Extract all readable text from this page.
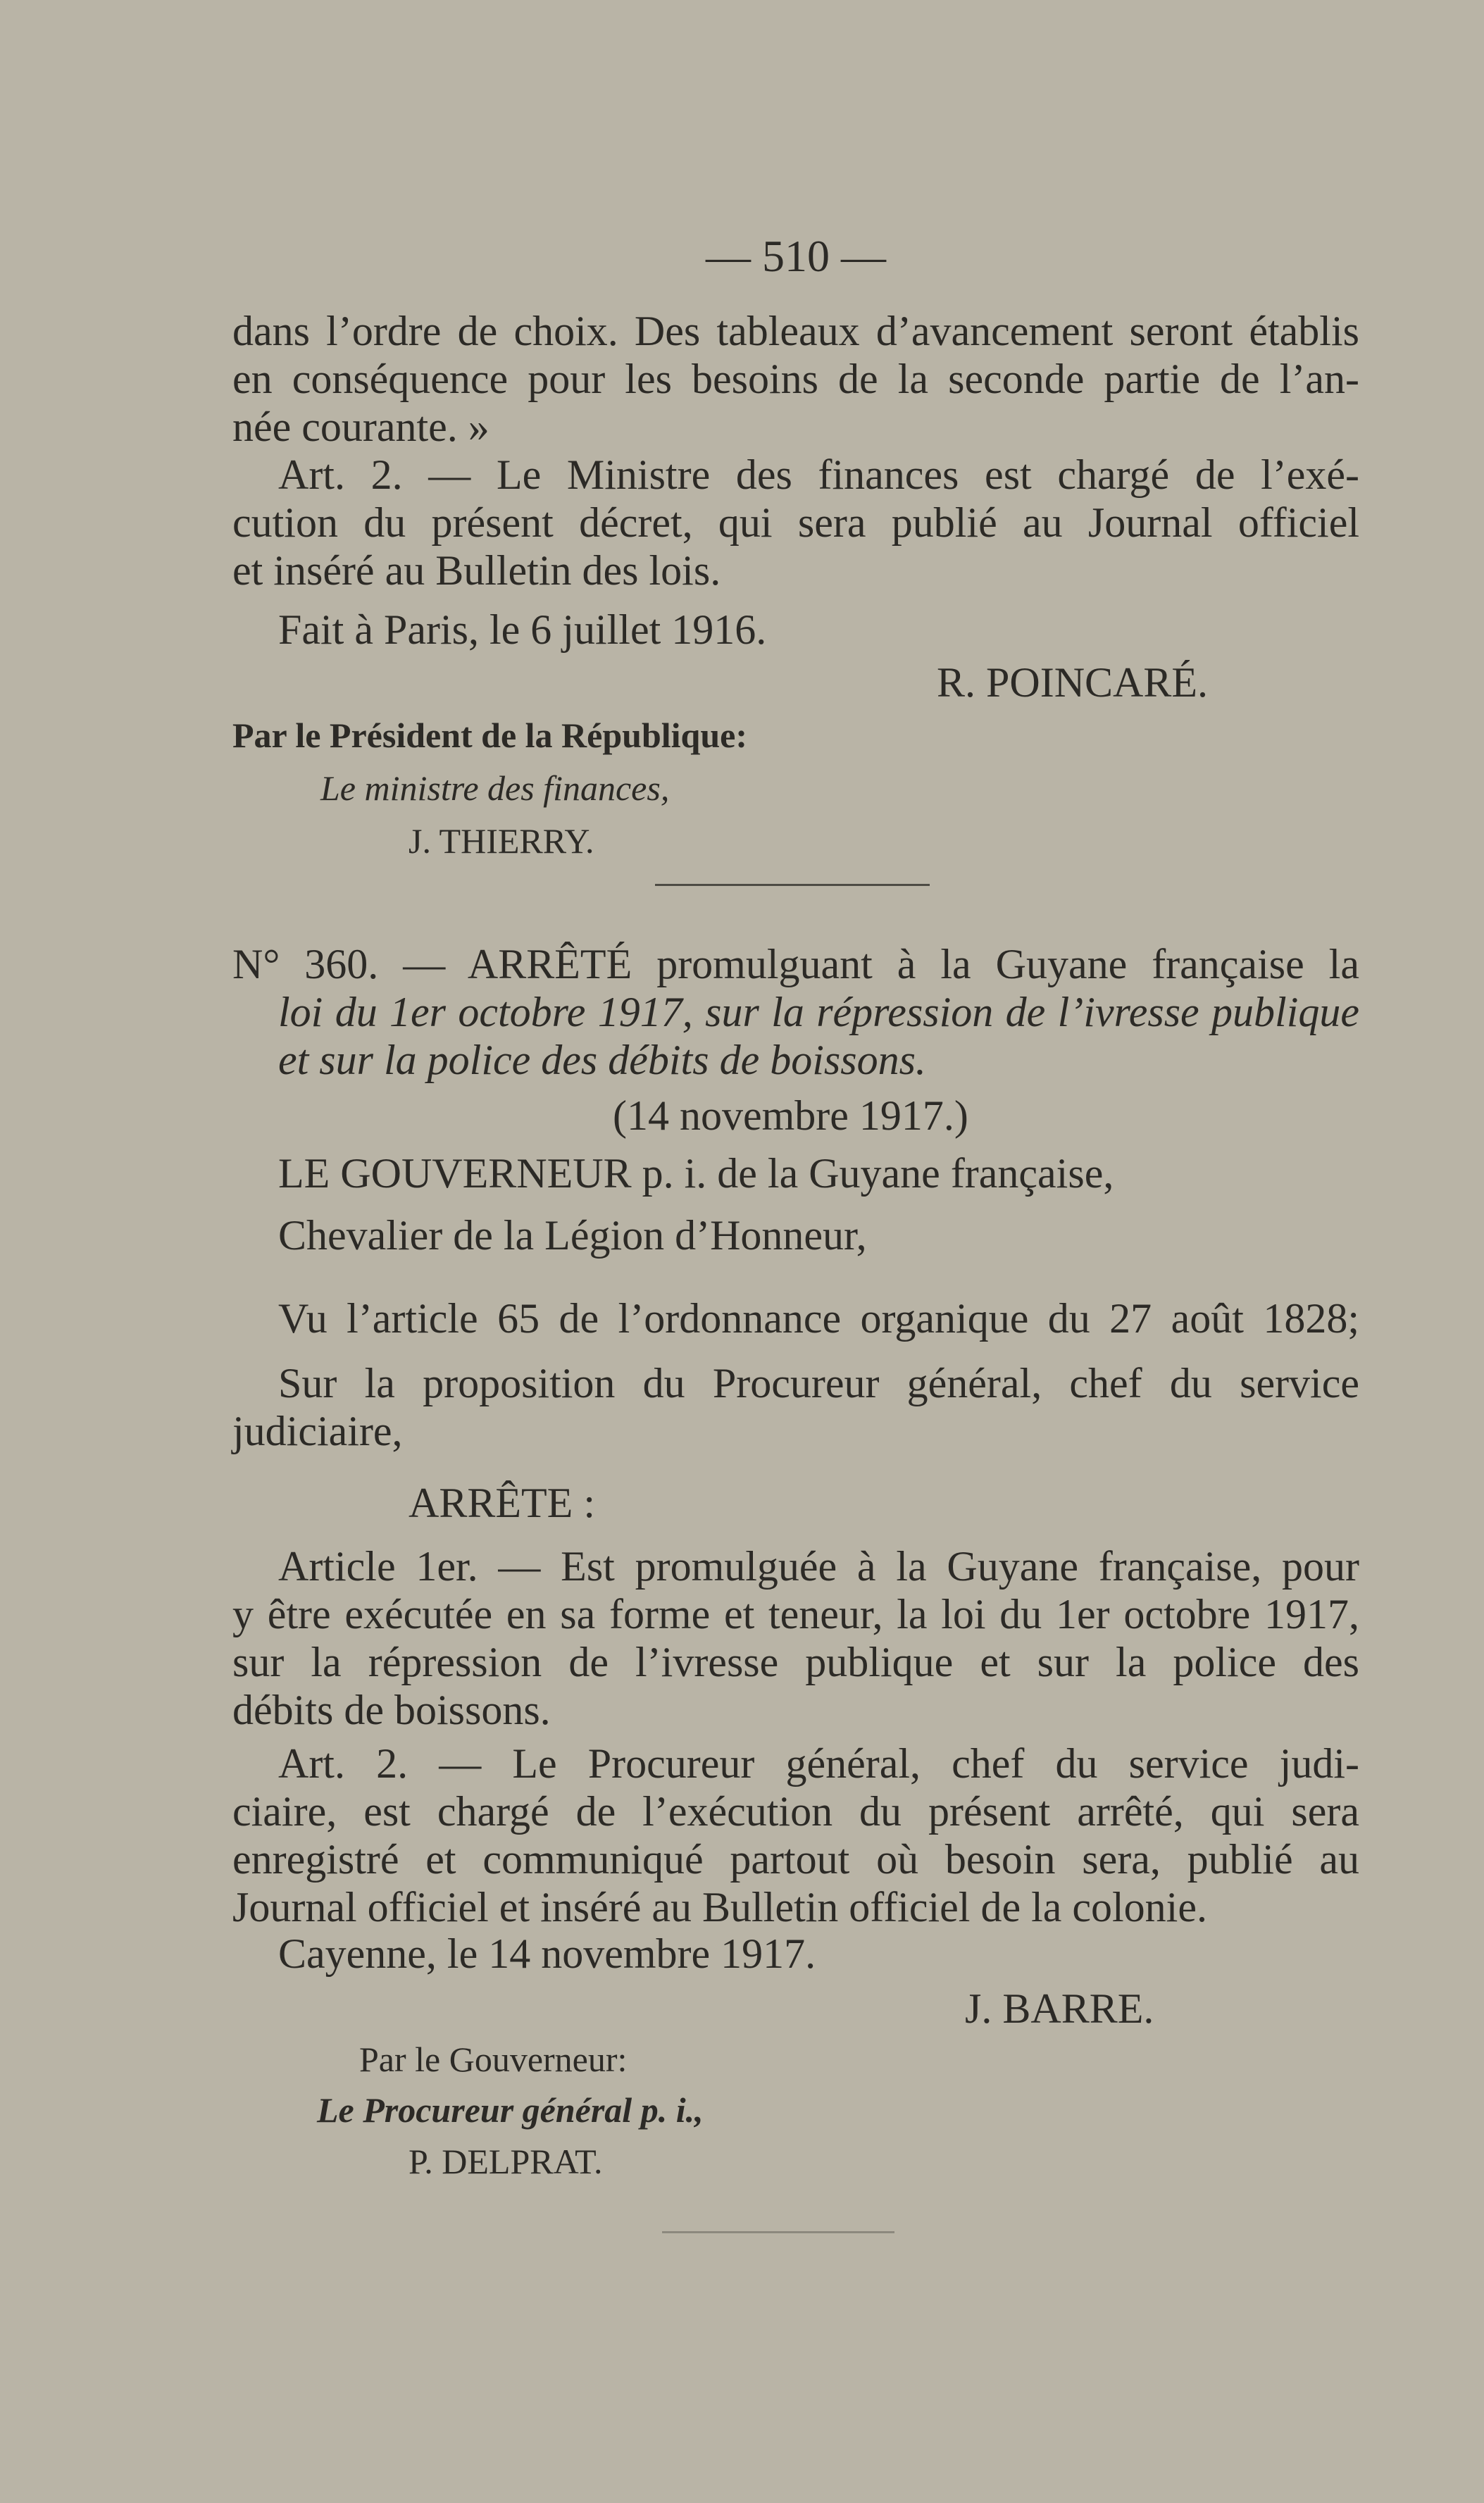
— 510 —

dans l’ordre de choix. Des tableaux d’avancement seront établis

en conséquence pour les besoins de la seconde partie de l’an-

née courante. »

Art. 2. — Le Ministre des finances est chargé de l’exé-

cution du présent décret, qui sera publié au Journal officiel

et inséré au Bulletin des lois.

Fait à Paris, le 6 juillet 1916.

R. POINCARÉ.

Par le Président de la République:

Le ministre des finances,

J. THIERRY.

N° 360. — ARRÊTÉ promulguant à la Guyane française la

loi du 1er octobre 1917, sur la répression de l’ivresse publique

et sur la police des débits de boissons.

(14 novembre 1917.)

LE GOUVERNEUR p. i. de la Guyane française,

Chevalier de la Légion d’Honneur,

Vu l’article 65 de l’ordonnance organique du 27 août 1828;

Sur la proposition du Procureur général, chef du service

judiciaire,

ARRÊTE :

Article 1er. — Est promulguée à la Guyane française, pour

y être exécutée en sa forme et teneur, la loi du 1er octobre 1917,

sur la répression de l’ivresse publique et sur la police des

débits de boissons.

Art. 2. — Le Procureur général, chef du service judi-

ciaire, est chargé de l’exécution du présent arrêté, qui sera

enregistré et communiqué partout où besoin sera, publié au

Journal officiel et inséré au Bulletin officiel de la colonie.

Cayenne, le 14 novembre 1917.

J. BARRE.

Par le Gouverneur:

Le Procureur général p. i.,

P. DELPRAT.
